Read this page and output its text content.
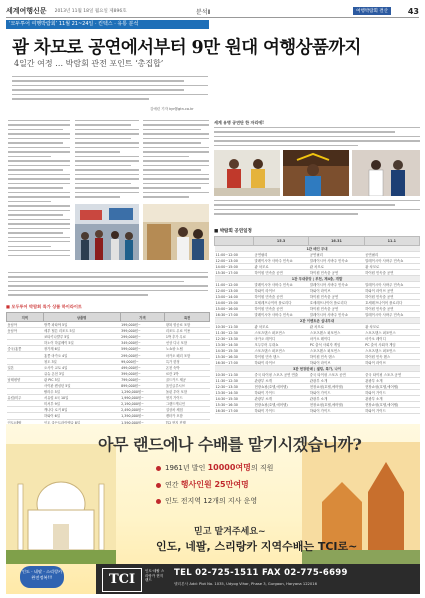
세계여행신문 2013년 11월 18일 월요일 제896호	분석Ⅱ	여행박람회 결산	43
‘모두투어 여행박람회’ 11월 21~24일 · 킨텍스 · 유통 분석
괌 차모로 공연에서부터 9만 원대 여행상품까지
4일간 여정 … 박람회 관전 포인트 ‘총집합’
김예린 기자 kyr@gtn.co.kr
■ 모두투어 박람회 특가 상품 하이라이트
지역	상품명	가격	특전
동남아	방콕 파타야 5일	199,000원~	왕복 항공료 포함
동남아	세부 힐튼 리조트 5일	399,000원~	리조트 무료 이용
	코타키나발루 5일	299,000원~	1박 추가 무료
	하노이 하롱베이 5일	349,000원~	선상 디너 포함
중국/홍콩	장가계 6일	599,000원~	노쇼핑·노팁
	홍콩 마카오 4일	299,000원~	마카오 페리 포함
	청도 3일	99,000원~	특가 한정
일본	오사카 교토 4일	499,000원~	온천 숙박
	큐슈 온천 3일	399,000원~	료칸 1박
남태평양	괌 PIC 5일	799,000원~	골드카드 제공
	사이판 켄싱턴 5일	899,000원~	올인클루시브
	팔라우 5일	1,290,000원~	돌핀 투어 포함
유럽/미주	서유럽 4국 10일	1,990,000원~	현지 가이드
	미서부 9일	2,190,000원~	그랜드캐니언
	캐나다 로키 8일	2,490,000원~	설상차 체험
	하와이 6일	1,390,000원~	렌터카 포함
인도/네팔	인도 골든트라이앵글 8일	1,590,000원~	TCI 현지 진행

세계 유명 공연단 한 자리에!
■ 박람회 공연일정
	15.3	16.31	11.1
1관 메인 무대			
11:00~12:00	공연필리	공연필리	공연필리
12:00~13:00	말레이시아 사바주 민속쇼	말레이시아 사바주 민속쇼	말레이시아 사바주 민속쇼
14:00~15:00	괌 차모로	괌 차모로	괌 차모로
15:30~17:00	하이원 민속춤 공연	하이원 민속춤 공연	하이원 민속춤 공연
1관 무대중앙 | 부천, 제4층, 개발			
11:00~12:00	말레이시아 사바주 민속쇼	말레이시아 사바주 민속쇼	말레이시아 사바주 민속쇼
12:00~13:00	하와이 라이브	하와이 라이브	하와이 라이브 공연
13:00~14:00	하이원 민속춤 공연	하이원 민속춤 공연	하이원 민속춤 공연
14:00~15:00	호세레프나이어 플로리다	호세레프나이어 플로리다	호세레프나이어 플로리다
15:00~16:00	하이원 민속춤 공연	하이원 민속춤 공연	하이원 민속춤 공연
16:30~17:00	말레이시아 사바주 민속쇼	말레이시아 사바주 민속쇼	말레이시아 사바주 민속쇼
2관 이벤트존 실내무대			
10:30~11:30	괌 차모로	괌 차모로	괌 차모로
11:30~12:30	스포츠댄스 퍼포먼스	스포츠댄스 퍼포먼스	스포츠댄스 퍼포먼스
12:30~13:30	마카오 레이디	마카오 레이디	마카오 레이디
13:30~14:30	모두투어 무대쇼	PC 출석 사회자 게임	PC 출석 사회자 게임
14:30~15:30	스포츠댄스 퍼포먼스	스포츠댄스 퍼포먼스	스포츠댄스 퍼포먼스
15:30~16:30	하이원 민속 댄스	하이원 민속 댄스	하이원 민속 댄스
16:30~17:00	하와이 라이브	하와이 라이브	하와이 라이브
3관 현장판매 | 셀링, 특가, 나이			
10:30~11:30	중국 타이핑 스포츠 공연 연출	중국 타이핑 스포츠 공연	중국 타이핑 스포츠 공연
11:30~12:30	관광부 소개	관광부 소개	관광부 소개
12:30~13:30	현장쇼핑(호텔,에어텔)	현장쇼핑(호텔,에어텔)	현장쇼핑(호텔,에어텔)
13:30~14:30	하와이 가이드	하와이 가이드	하와이 가이드
14:30~15:30	관광부 소개	관광부 소개	관광부 소개
15:30~16:30	현장쇼핑(호텔,에어텔)	현장쇼핑(호텔,에어텔)	현장쇼핑(호텔,에어텔)
16:30~17:00	하와이 가이드	하와이 가이드	하와이 가이드
아무 랜드에나 수배를 맡기시겠습니까?
1961년 발인 10000여명의 직원
연간 행사인원 25만여명
인도 전지역 12개의 지사 운영
믿고 맡겨주세요~
인도, 네팔, 스리랑카 지역수배는 TCI로~
인도 · 네팔 · 스리랑카 완전정복!!!	TCI
인도·네팔 스리랑카 현지 랜드
TEL 02-725-1511 FAX 02-775-6699
델리본사 Add: Plot No. 1035, Udyog Vihar, Phase 3, Gurgaon, Haryana 122016
